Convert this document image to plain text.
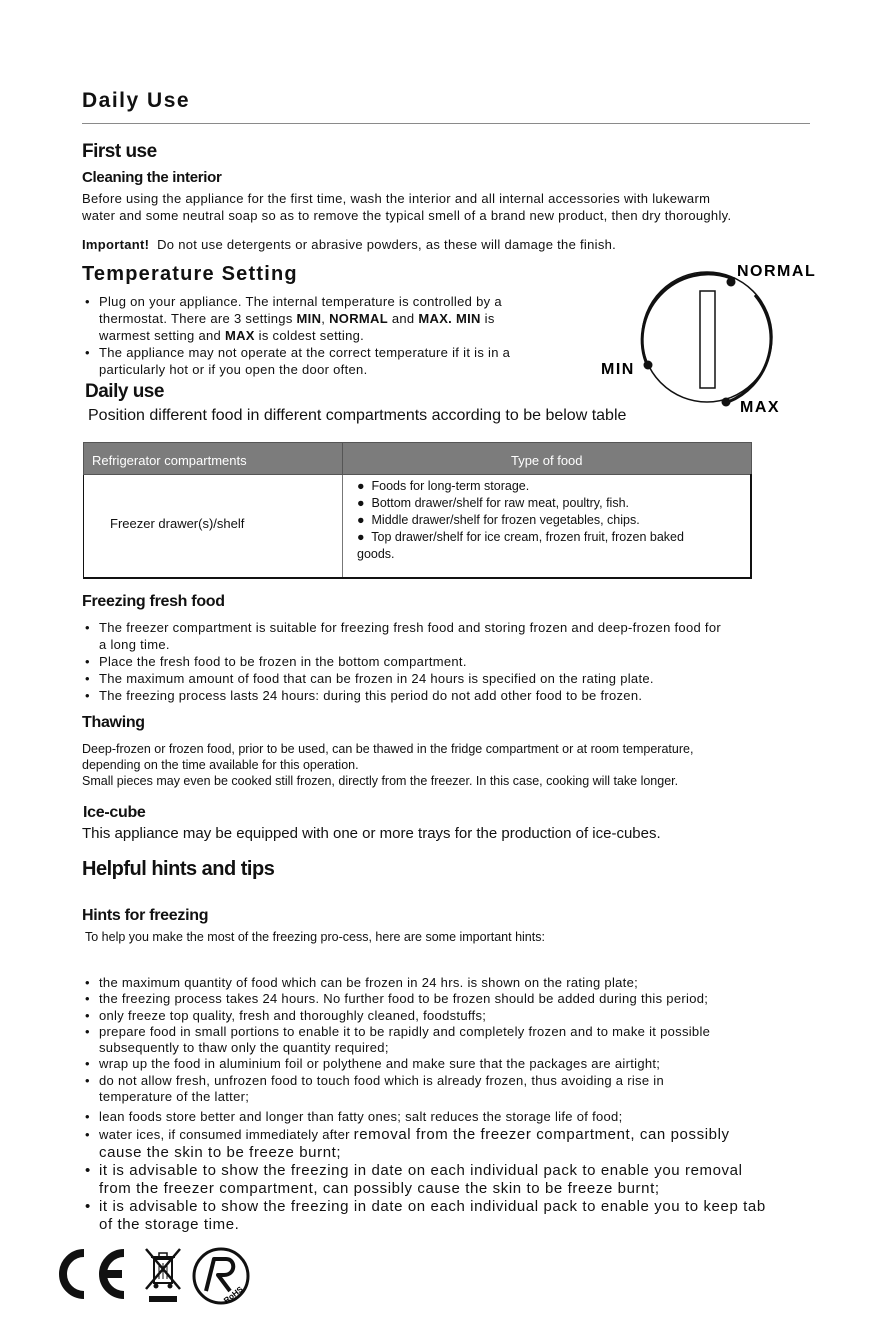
Daily Use
First use
Cleaning the interior
Before using the appliance for the first time, wash the interior and all internal accessories with lukewarm
water and some neutral soap so as to remove the typical smell of a brand new product, then dry thoroughly.
Important! Do not use detergents or abrasive powders, as these will damage the finish.
Temperature Setting
• Plug on your appliance. The internal temperature is controlled by a
thermostat. There are 3 settings MIN, NORMAL and MAX. MIN is
warmest setting and MAX is coldest setting.
• The appliance may not operate at the correct temperature if it is in a
particularly hot or if you open the door often.
NORMAL
MIN
MAX
Daily use
Position different food in different compartments according to be below table
Refrigerator compartments	Type of food
Freezer drawer(s)/shelf	●  Foods for long-term storage.
●  Bottom drawer/shelf for raw meat, poultry, fish.
●  Middle drawer/shelf for frozen vegetables, chips.
●  Top drawer/shelf for ice cream, frozen fruit, frozen baked
goods.
Freezing fresh food
• The freezer compartment is suitable for freezing fresh food and storing frozen and deep-frozen food for
a long time.
• Place the fresh food to be frozen in the bottom compartment.
• The maximum amount of food that can be frozen in 24 hours is specified on the rating plate.
• The freezing process lasts 24 hours: during this period do not add other food to be frozen.
Thawing
Deep-frozen or frozen food, prior to be used, can be thawed in the fridge compartment or at room temperature,
depending on the time available for this operation.
Small pieces may even be cooked still frozen, directly from the freezer. In this case, cooking will take longer.
Ice-cube
This appliance may be equipped with one or more trays for the production of ice-cubes.
Helpful hints and tips
Hints for freezing
To help you make the most of the freezing pro-cess, here are some important hints:
• the maximum quantity of food which can be frozen in 24 hrs. is shown on the rating plate;
• the freezing process takes 24 hours. No further food to be frozen should be added during this period;
• only freeze top quality, fresh and thoroughly cleaned, foodstuffs;
• prepare food in small portions to enable it to be rapidly and completely frozen and to make it possible
subsequently to thaw only the quantity required;
• wrap up the food in aluminium foil or polythene and make sure that the packages are airtight;
• do not allow fresh, unfrozen food to touch food which is already frozen, thus avoiding a rise in
temperature of the latter;
• lean foods store better and longer than fatty ones; salt reduces the storage life of food;
• water ices, if consumed immediately after removal from the freezer compartment, can possibly
cause the skin to be freeze burnt;
• it is advisable to show the freezing in date on each individual pack to enable you removal
from the freezer compartment, can possibly cause the skin to be freeze burnt;
• it is advisable to show the freezing in date on each individual pack to enable you to keep tab
of the storage time.
RoHS
